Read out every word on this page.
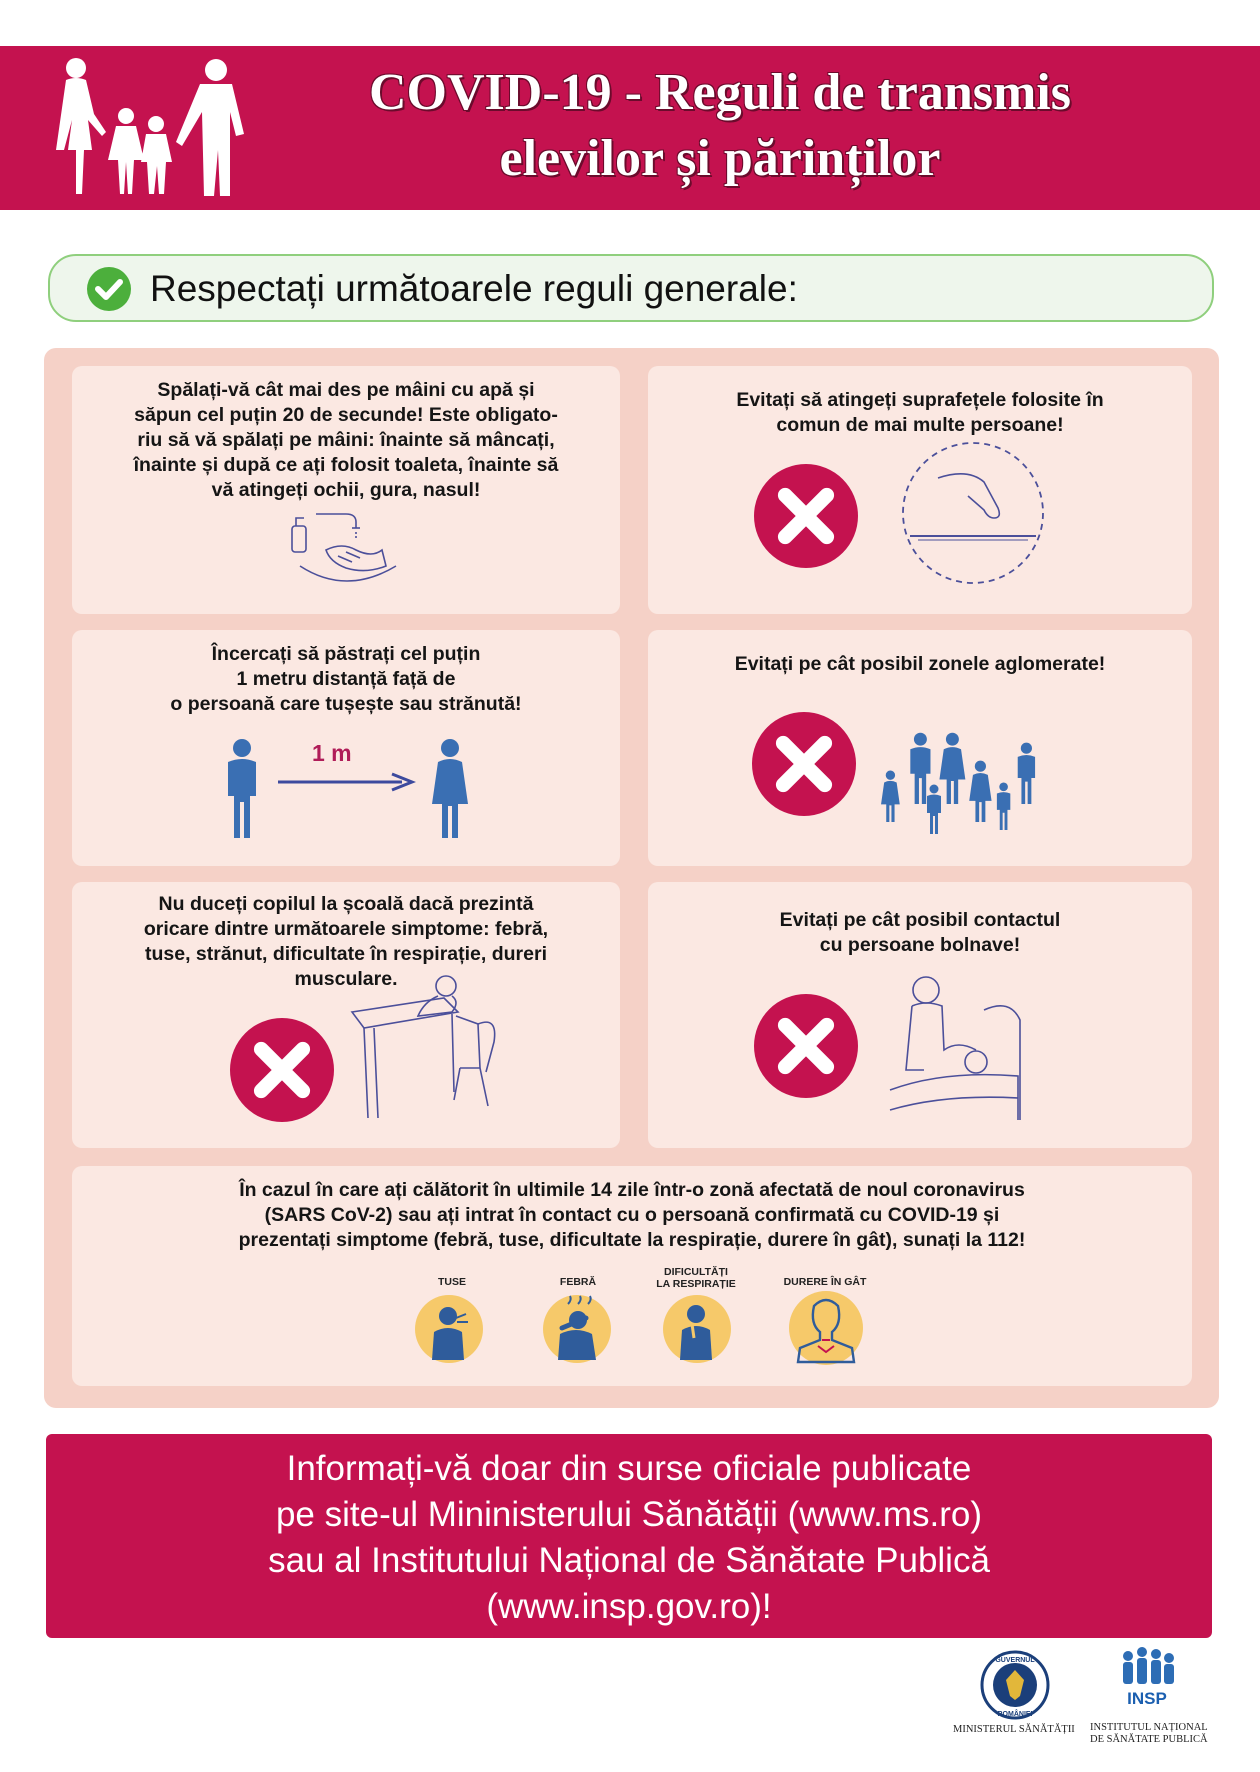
COVID-19 - Reguli de transmis
elevilor și părinților
Respectați următoarele reguli generale:
Spălați-vă cât mai des pe mâini cu apă și
săpun cel puțin 20 de secunde! Este obligato-
riu să vă spălați pe mâini: înainte să mâncați,
înainte și după ce ați folosit toaleta, înainte să
vă atingeți ochii, gura, nasul!
Evitați să atingeți suprafețele folosite în
comun de mai multe persoane!
Încercați să păstrați cel puțin
1 metru distanță față de
o persoană care tușește sau strănută!
1 m
Evitați pe cât posibil zonele aglomerate!
Nu duceți copilul la școală dacă prezintă
oricare dintre următoarele simptome: febră,
tuse, strănut, dificultate în respirație, dureri
musculare.
Evitați pe cât posibil contactul
cu persoane bolnave!
În cazul în care ați călătorit în ultimile 14 zile într-o zonă afectată de noul coronavirus
(SARS CoV-2) sau ați intrat în contact cu o persoană confirmată cu COVID-19 și
prezentați simptome (febră, tuse, dificultate la respirație, durere în gât), sunați la 112!
TUSE	FEBRĂ
DIFICULTĂȚI
LA RESPIRAȚIE	DURERE ÎN GÂT
Informați-vă doar din surse oficiale publicate
pe site-ul Mininisterului Sănătății (www.ms.ro)
sau al Institutului Național de Sănătate Publică
(www.insp.gov.ro)!
GUVERNUL
ROMÂNIEI
MINISTERUL SĂNĂTĂȚII
INSP
INSTITUTUL NAȚIONAL
DE SĂNĂTATE PUBLICĂ
